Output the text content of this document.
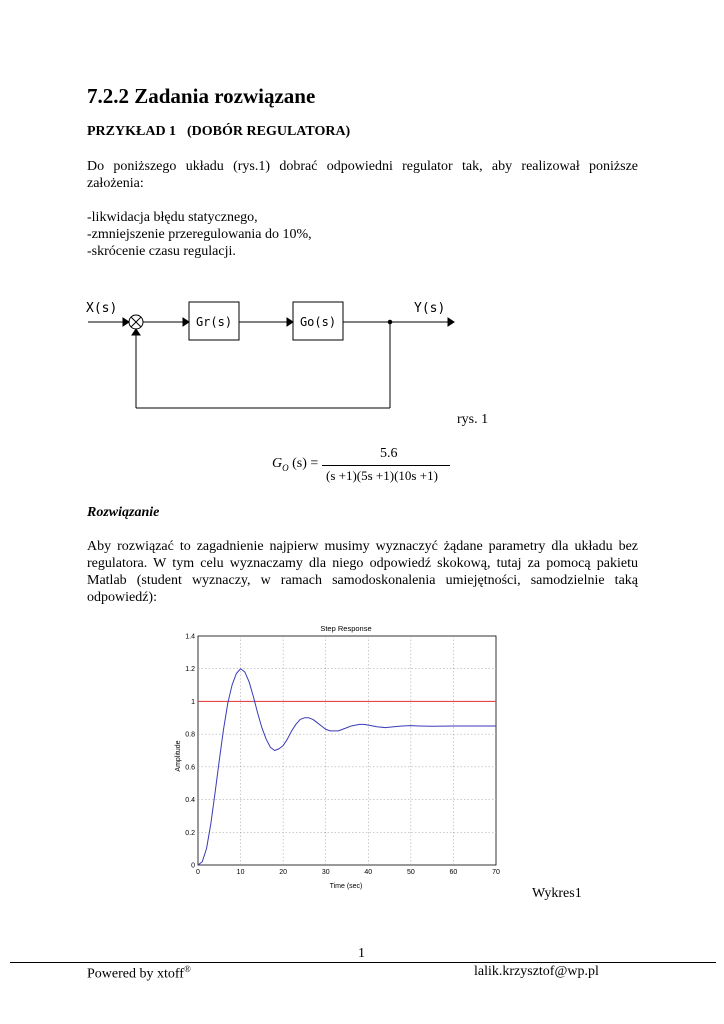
7.2.2 Zadania rozwiązane
PRZYKŁAD 1 (DOBÓR REGULATORA)
Do poniższego układu (rys.1) dobrać odpowiedni regulator tak, aby realizował poniższe założenia:
-likwidacja błędu statycznego,
-zmniejszenie przeregulowania do 10%,
-skrócenie czasu regulacji.
X(s)	Y(s)
Gr(s)	Go(s)
rys. 1
$G_O$ (s) =
5.6
(s +1)(5s +1)(10s +1)
Rozwiązanie
Aby rozwiązać to zagadnienie najpierw musimy wyznaczyć żądane parametry dla układu bez regulatora. W tym celu wyznaczamy dla niego odpowiedź skokową, tutaj za pomocą pakietu Matlab (student wyznaczy, w ramach samodoskonalenia umiejętności, samodzielnie taką odpowiedź):
Step Response
Time (sec)
Amplitude
0	10	20	30	40	50	60	70
0
0.2
0.4
0.6
0.8
1
1.2
1.4
Wykres1
1
Powered by xtoff®	lalik.krzysztof@wp.pl
